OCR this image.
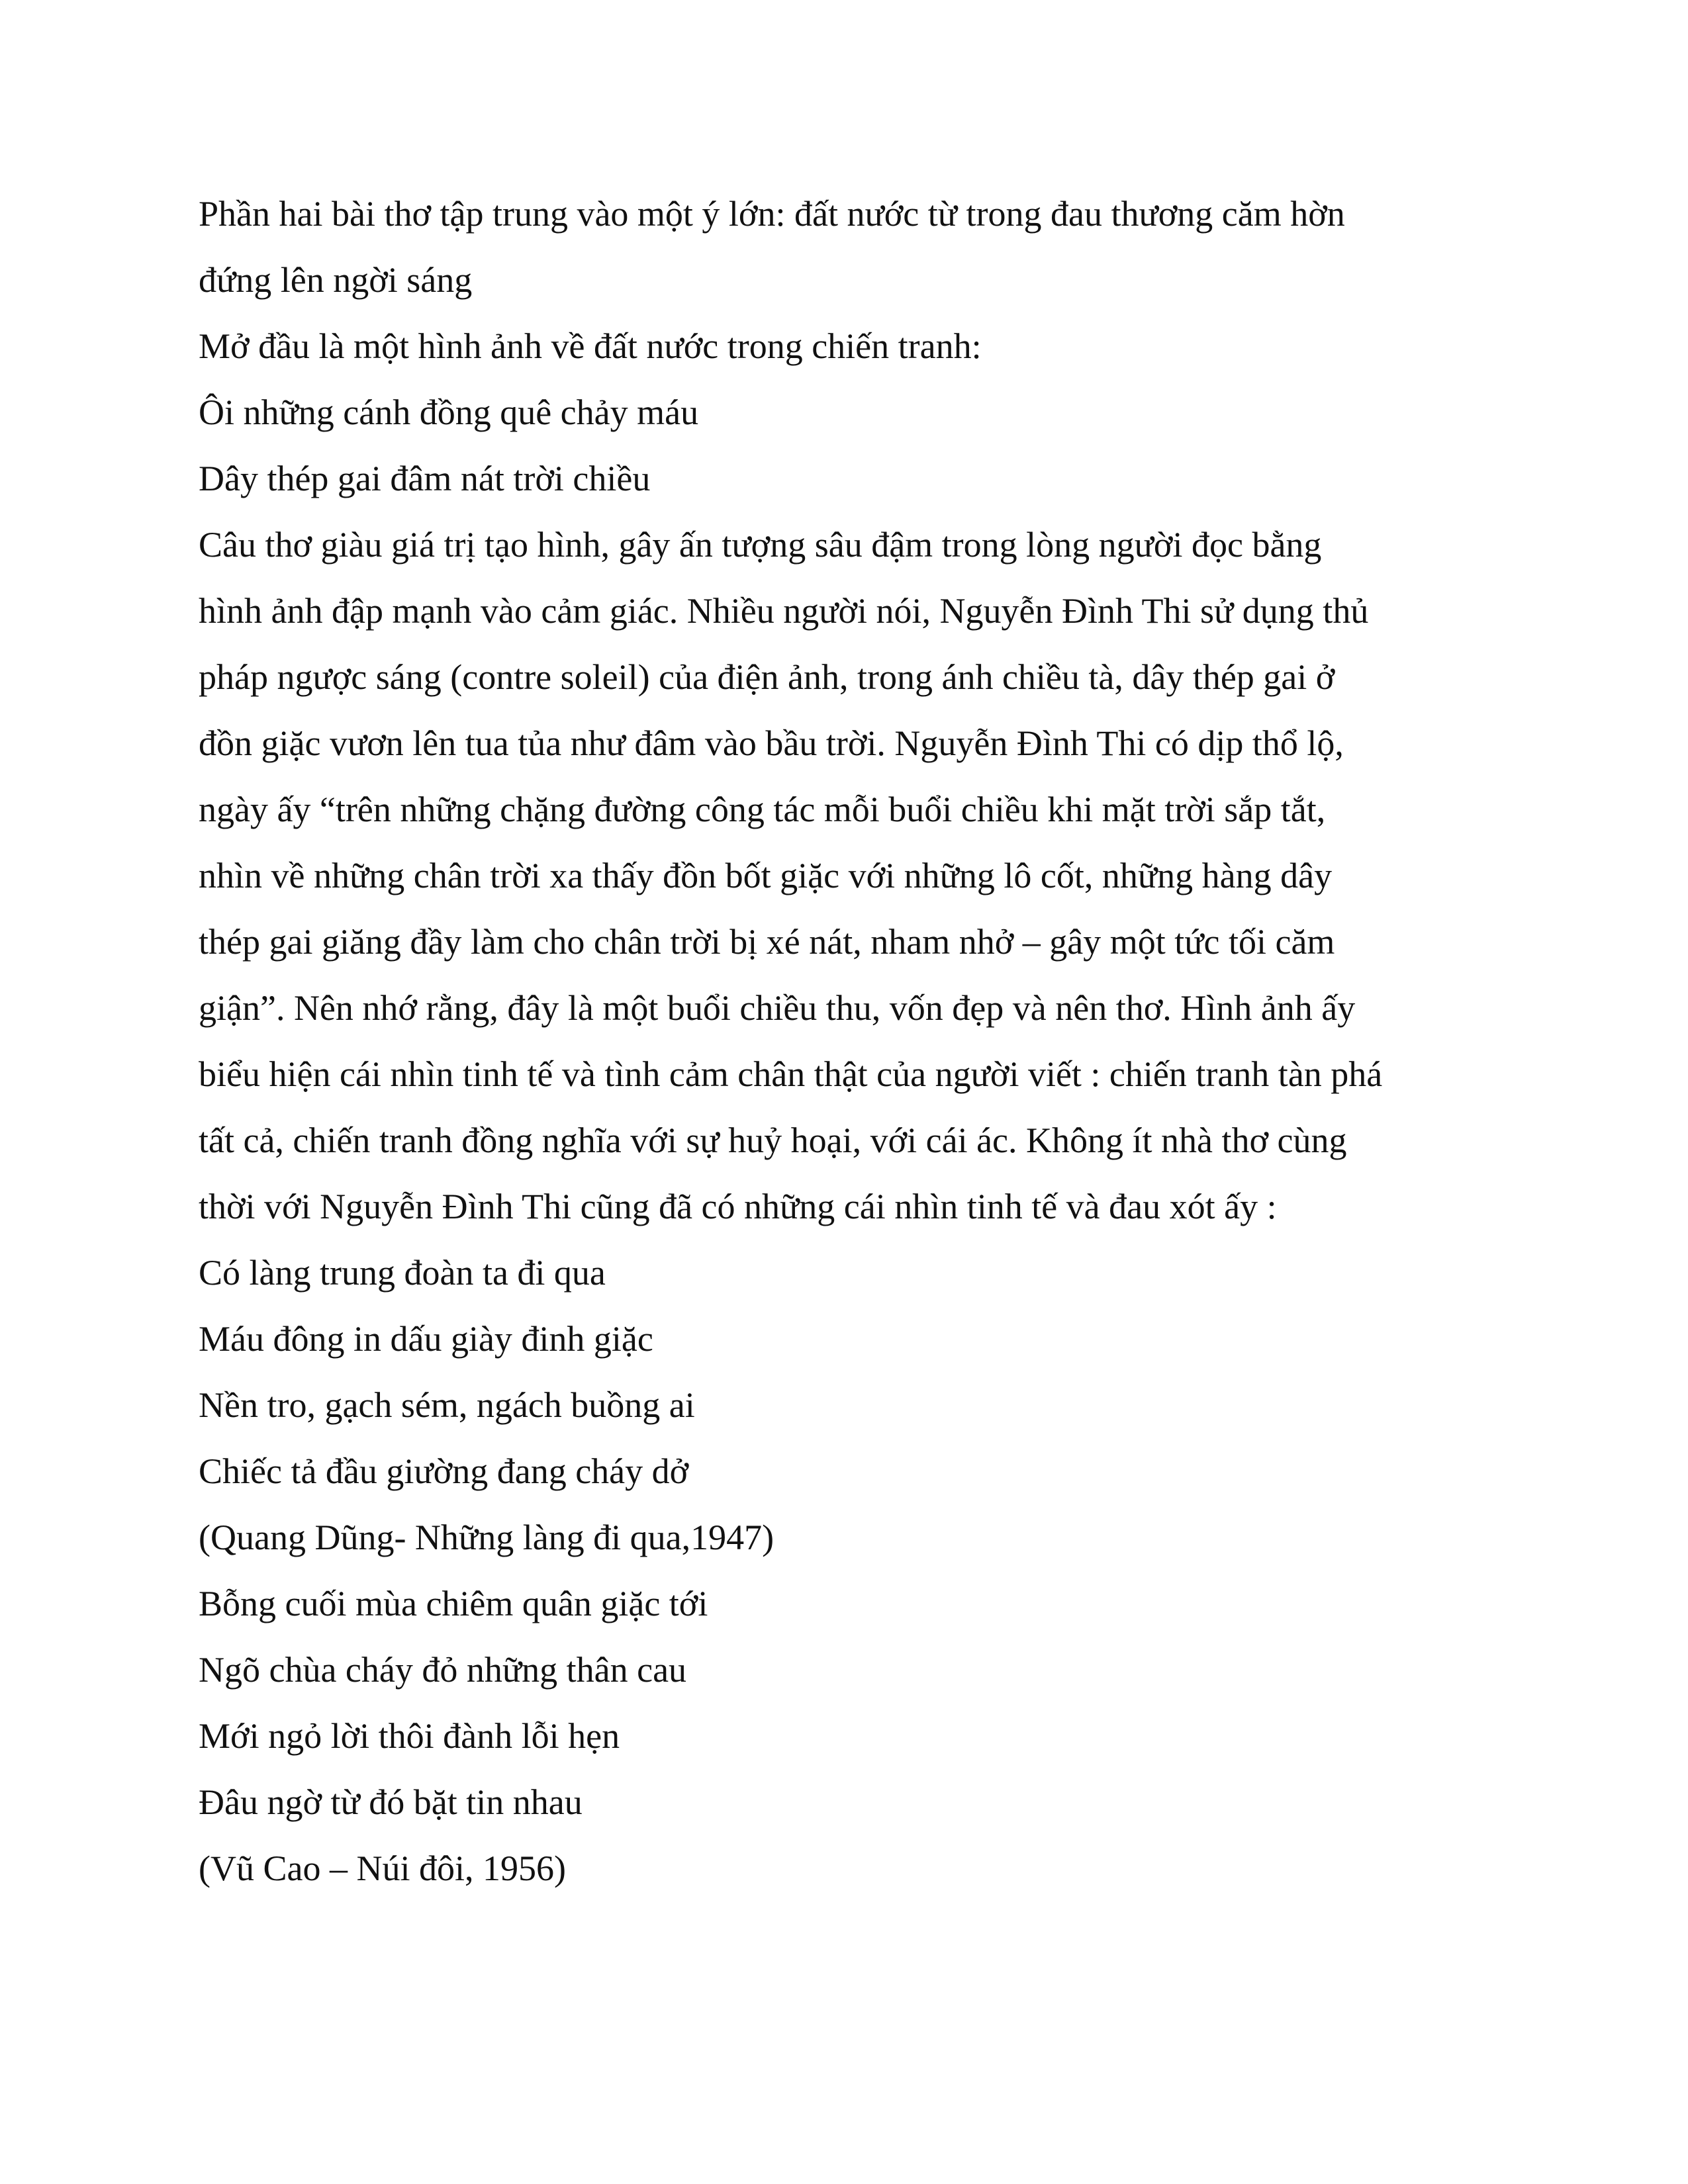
Phần hai bài thơ tập trung vào một ý lớn: đất nước từ trong đau thương căm hờn
đứng lên ngời sáng
Mở đầu là một hình ảnh về đất nước trong chiến tranh:
Ôi những cánh đồng quê chảy máu
Dây thép gai đâm nát trời chiều
Câu thơ giàu giá trị tạo hình, gây ấn tượng sâu đậm trong lòng người đọc bằng
hình ảnh đập mạnh vào cảm giác. Nhiều người nói, Nguyễn Đình Thi sử dụng thủ
pháp ngược sáng (contre soleil) của điện ảnh, trong ánh chiều tà, dây thép gai ở
đồn giặc vươn lên tua tủa như đâm vào bầu trời. Nguyễn Đình Thi có dịp thổ lộ,
ngày ấy “trên những chặng đường công tác mỗi buổi chiều khi mặt trời sắp tắt,
nhìn về những chân trời xa thấy đồn bốt giặc với những lô cốt, những hàng dây
thép gai giăng đầy làm cho chân trời bị xé nát, nham nhở – gây một tức tối căm
giận”. Nên nhớ rằng, đây là một buổi chiều thu, vốn đẹp và nên thơ. Hình ảnh ấy
biểu hiện cái nhìn tinh tế và tình cảm chân thật của người viết : chiến tranh tàn phá
tất cả, chiến tranh đồng nghĩa với sự huỷ hoại, với cái ác. Không ít nhà thơ cùng
thời với Nguyễn Đình Thi cũng đã có những cái nhìn tinh tế và đau xót ấy :
Có làng trung đoàn ta đi qua
Máu đông in dấu giày đinh giặc
Nền tro, gạch sém, ngách buồng ai
Chiếc tả đầu giường đang cháy dở
(Quang Dũng- Những làng đi qua,1947)
Bỗng cuối mùa chiêm quân giặc tới
Ngõ chùa cháy đỏ những thân cau
Mới ngỏ lời thôi đành lỗi hẹn
Đâu ngờ từ đó bặt tin nhau
(Vũ Cao – Núi đôi, 1956)
